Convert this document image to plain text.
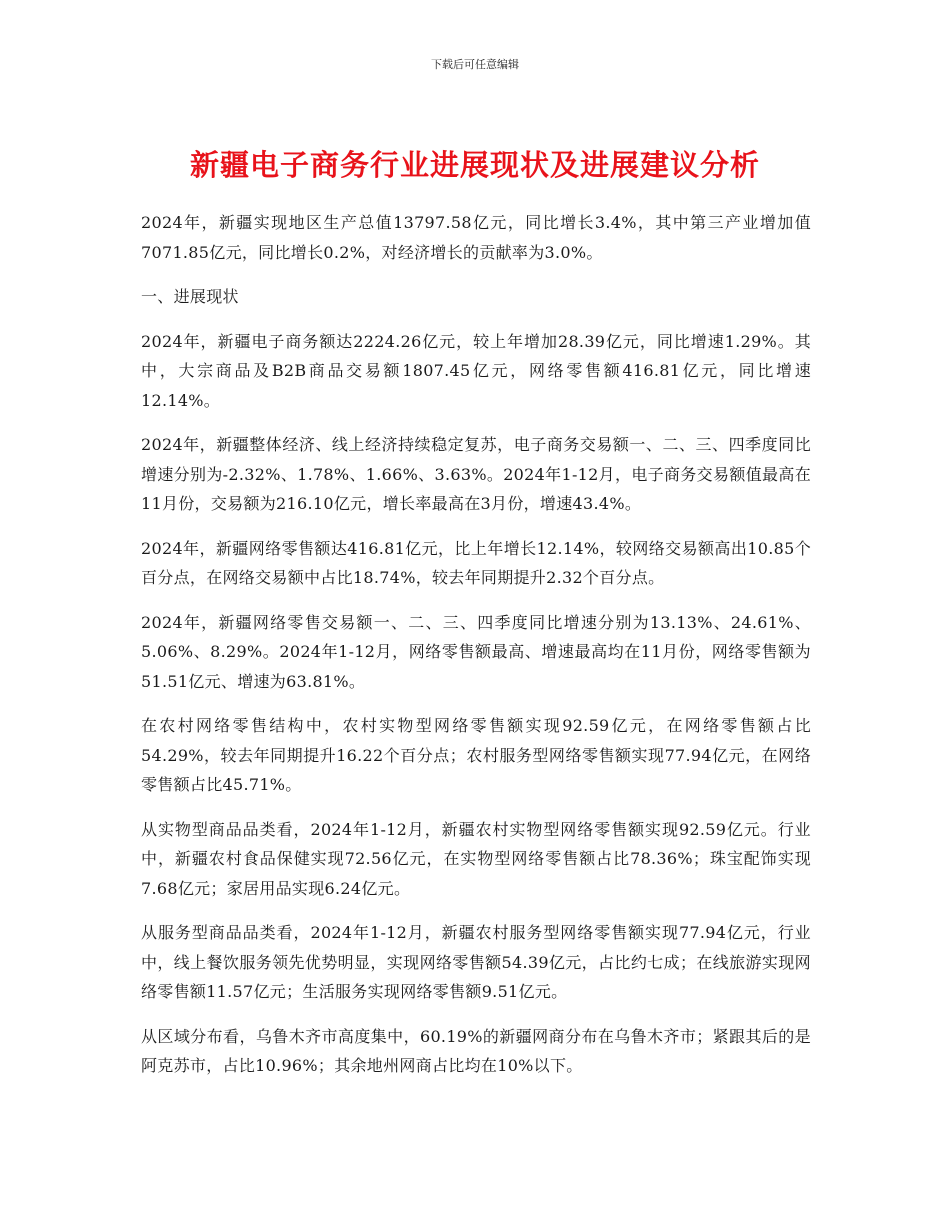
下载后可任意编辑
新疆电子商务行业进展现状及进展建议分析

2024年，新疆实现地区生产总值13797.58亿元，同比增长3.4%，其中第三产业增加值7071.85亿元，同比增长0.2%，对经济增长的贡献率为3.0%。

一、进展现状

2024年，新疆电子商务额达2224.26亿元，较上年增加28.39亿元，同比增速1.29%。其中，大宗商品及B2B商品交易额1807.45亿元，网络零售额416.81亿元，同比增速12.14%。

2024年，新疆整体经济、线上经济持续稳定复苏，电子商务交易额一、二、三、四季度同比增速分别为-2.32%、1.78%、1.66%、3.63%。2024年1-12月，电子商务交易额值最高在11月份，交易额为216.10亿元，增长率最高在3月份，增速43.4%。

2024年，新疆网络零售额达416.81亿元，比上年增长12.14%，较网络交易额高出10.85个百分点，在网络交易额中占比18.74%，较去年同期提升2.32个百分点。

2024年，新疆网络零售交易额一、二、三、四季度同比增速分别为13.13%、24.61%、5.06%、8.29%。2024年1-12月，网络零售额最高、增速最高均在11月份，网络零售额为51.51亿元、增速为63.81%。

在农村网络零售结构中，农村实物型网络零售额实现92.59亿元，在网络零售额占比54.29%，较去年同期提升16.22个百分点；农村服务型网络零售额实现77.94亿元，在网络零售额占比45.71%。

从实物型商品品类看，2024年1-12月，新疆农村实物型网络零售额实现92.59亿元。行业中，新疆农村食品保健实现72.56亿元，在实物型网络零售额占比78.36%；珠宝配饰实现7.68亿元；家居用品实现6.24亿元。

从服务型商品品类看，2024年1-12月，新疆农村服务型网络零售额实现77.94亿元，行业中，线上餐饮服务领先优势明显，实现网络零售额54.39亿元，占比约七成；在线旅游实现网络零售额11.57亿元；生活服务实现网络零售额9.51亿元。

从区域分布看，乌鲁木齐市高度集中，60.19%的新疆网商分布在乌鲁木齐市；紧跟其后的是阿克苏市，占比10.96%；其余地州网商占比均在10%以下。
